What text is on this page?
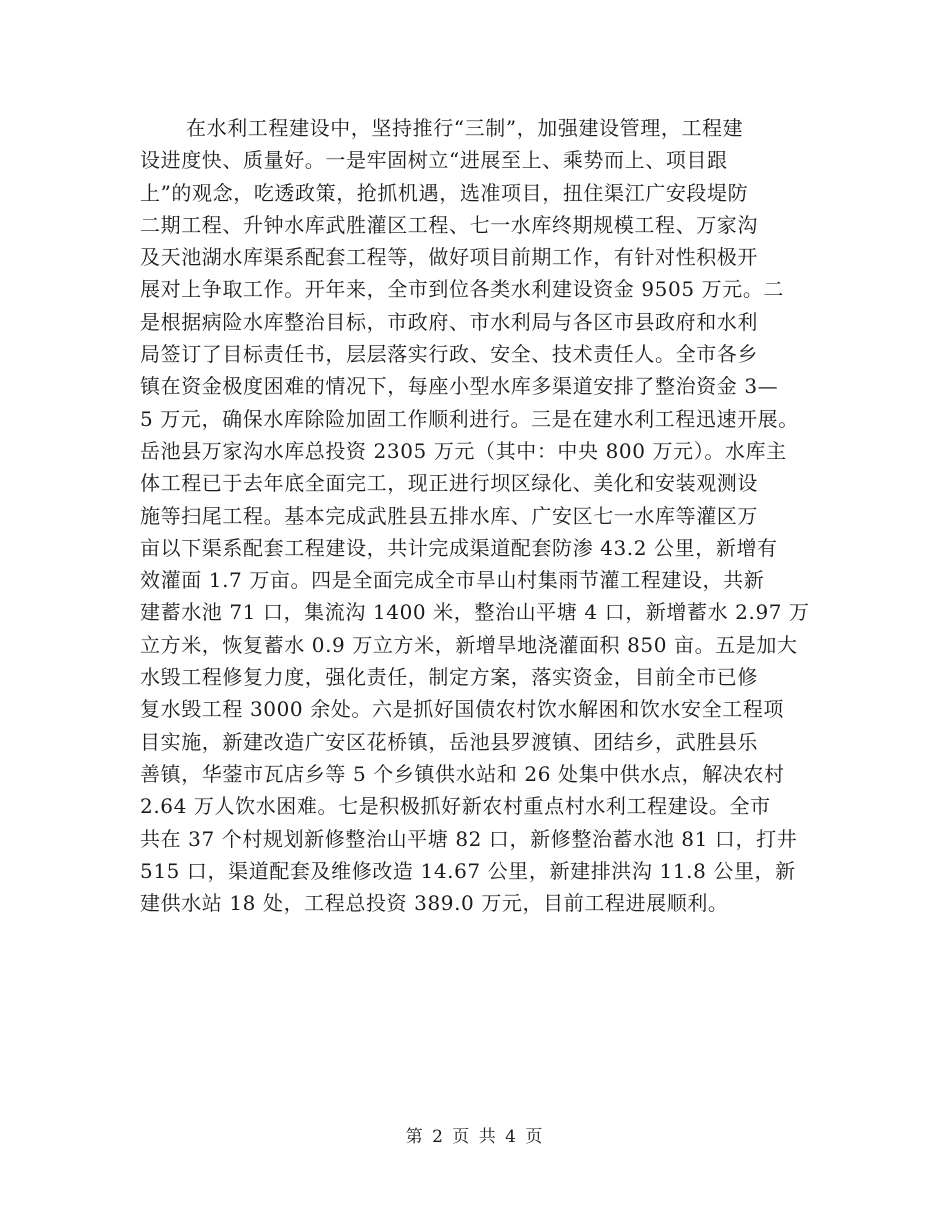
在水利工程建设中，坚持推行“三制”，加强建设管理，工程建
设进度快、质量好。一是牢固树立“进展至上、乘势而上、项目跟
上”的观念，吃透政策，抢抓机遇，选准项目，扭住渠江广安段堤防
二期工程、升钟水库武胜灌区工程、七一水库终期规模工程、万家沟
及天池湖水库渠系配套工程等，做好项目前期工作，有针对性积极开
展对上争取工作。开年来，全市到位各类水利建设资金 9505 万元。二
是根据病险水库整治目标，市政府、市水利局与各区市县政府和水利
局签订了目标责任书，层层落实行政、安全、技术责任人。全市各乡
镇在资金极度困难的情况下，每座小型水库多渠道安排了整治资金 3—
5 万元，确保水库除险加固工作顺利进行。三是在建水利工程迅速开展。
岳池县万家沟水库总投资 2305 万元（其中：中央 800 万元）。水库主
体工程已于去年底全面完工，现正进行坝区绿化、美化和安装观测设
施等扫尾工程。基本完成武胜县五排水库、广安区七一水库等灌区万
亩以下渠系配套工程建设，共计完成渠道配套防渗 43.2 公里，新增有
效灌面 1.7 万亩。四是全面完成全市旱山村集雨节灌工程建设，共新
建蓄水池 71 口，集流沟 1400 米，整治山平塘 4 口，新增蓄水 2.97 万
立方米，恢复蓄水 0.9 万立方米，新增旱地浇灌面积 850 亩。五是加大
水毁工程修复力度，强化责任，制定方案，落实资金，目前全市已修
复水毁工程 3000 余处。六是抓好国债农村饮水解困和饮水安全工程项
目实施，新建改造广安区花桥镇，岳池县罗渡镇、团结乡，武胜县乐
善镇，华蓥市瓦店乡等 5 个乡镇供水站和 26 处集中供水点，解决农村
2.64 万人饮水困难。七是积极抓好新农村重点村水利工程建设。全市
共在 37 个村规划新修整治山平塘 82 口，新修整治蓄水池 81 口，打井
515 口，渠道配套及维修改造 14.67 公里，新建排洪沟 11.8 公里，新
建供水站 18 处，工程总投资 389.0 万元，目前工程进展顺利。
第 2 页 共 4 页
